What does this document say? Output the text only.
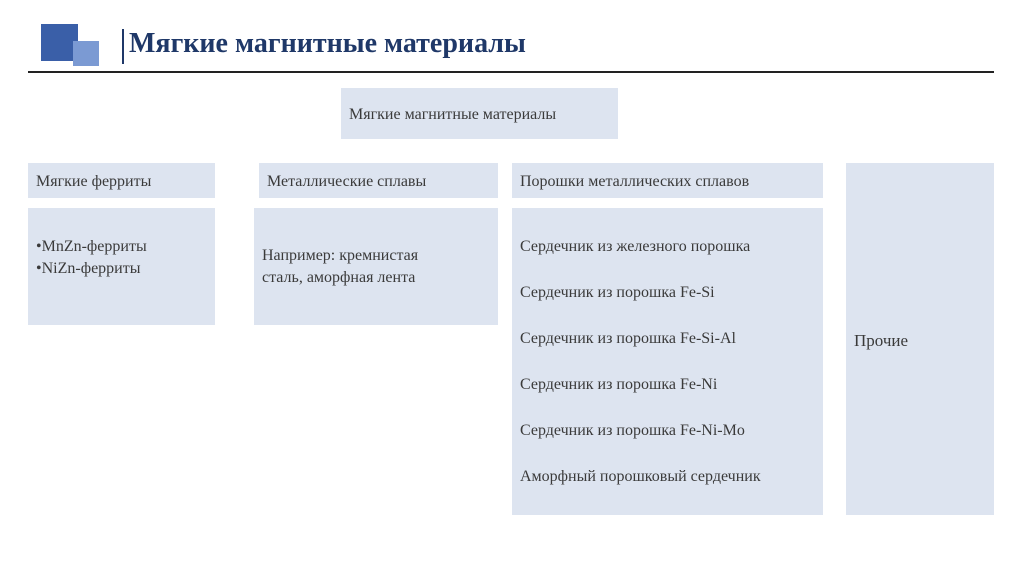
Мягкие магнитные материалы
Мягкие магнитные материалы
Мягкие ферриты	Металлические сплавы	Порошки металлических сплавов
•MnZn-ферриты
•NiZn-ферриты
Например: кремнистая
сталь, аморфная лента
Сердечник из железного порошка
Сердечник из порошка Fe-Si
Сердечник из порошка Fe-Si-Al
Сердечник из порошка Fe-Ni
Сердечник из порошка Fe-Ni-Mo
Аморфный порошковый сердечник
Прочие
